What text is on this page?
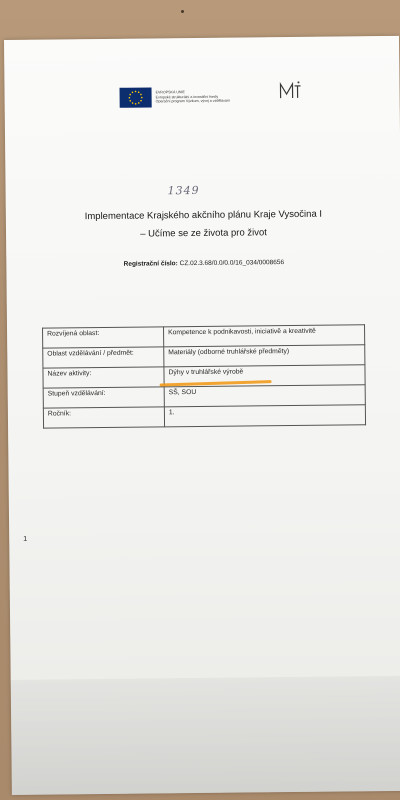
EVROPSKÁ UNIE
Evropské strukturální a investiční fondy
Operační program Výzkum, vývoj a vzdělávání
1349
Implementace Krajského akčního plánu Kraje Vysočina I
– Učíme se ze života pro život
Registrační číslo: CZ.02.3.68/0.0/0.0/16_034/0008656
Rozvíjená oblast:	Kompetence k podnikavosti, iniciativě a kreativitě
Oblast vzdělávání / předmět:	Materiály (odborné truhlářské předměty)
Název aktivity:	Dýhy v truhlářské výrobě
Stupeň vzdělávání:	SŠ, SOU
Ročník:	1.
1
